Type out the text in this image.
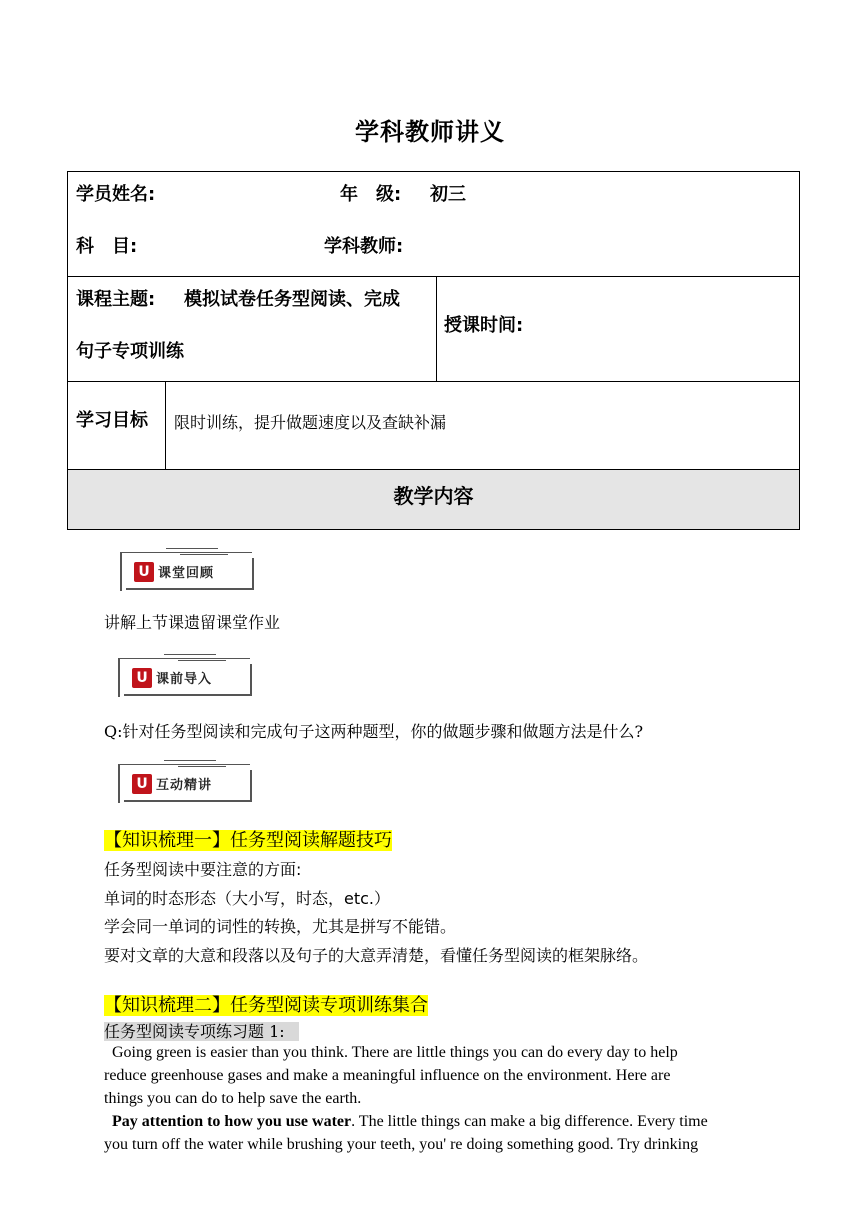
学科教师讲义
学员姓名:	年　级: 初三
科　目:	学科教师:
课程主题: 模拟试卷任务型阅读、完成
句子专项训练
授课时间:
学习目标 限时训练，提升做题速度以及查缺补漏
教学内容
U 课堂回顾
讲解上节课遗留课堂作业
U 课前导入
Q:针对任务型阅读和完成句子这两种题型，你的做题步骤和做题方法是什么?
U 互动精讲
【知识梳理一】任务型阅读解题技巧
任务型阅读中要注意的方面:
单词的时态形态（大小写，时态，etc.）
学会同一单词的词性的转换，尤其是拼写不能错。
要对文章的大意和段落以及句子的大意弄清楚，看懂任务型阅读的框架脉络。
【知识梳理二】任务型阅读专项训练集合
任务型阅读专项练习题 1:
Going green is easier than you think. There are little things you can do every day to help
reduce greenhouse gases and make a meaningful influence on the environment. Here are
things you can do to help save the earth.
Pay attention to how you use water. The little things can make a big difference. Every time
you turn off the water while brushing your teeth, you' re doing something good. Try drinking
